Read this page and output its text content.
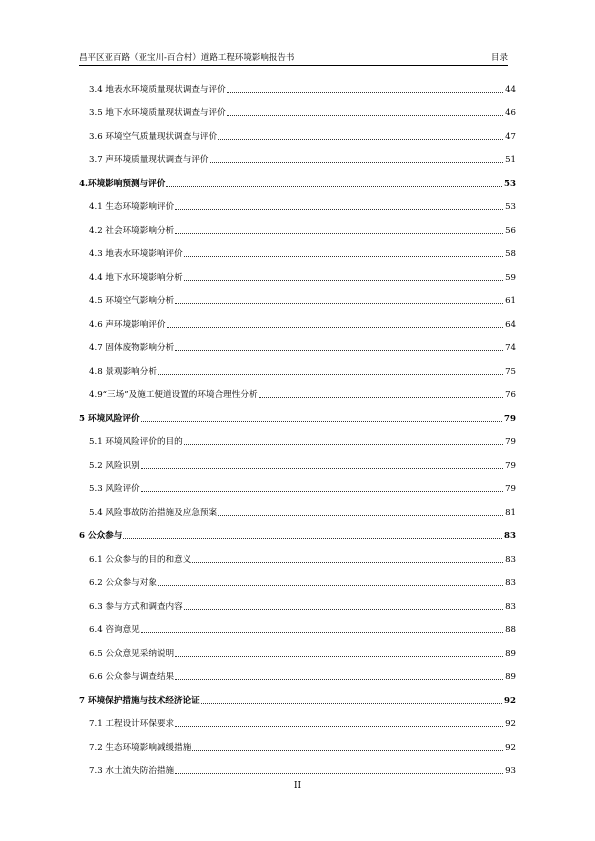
昌平区亚百路（亚宝川-百合村）道路工程环境影响报告书	目录
3.4 地表水环境质量现状调查与评价	44
3.5 地下水环境质量现状调查与评价	46
3.6 环境空气质量现状调查与评价	47
3.7 声环境质量现状调查与评价	51
4.环境影响预测与评价	53
4.1 生态环境影响评价	53
4.2 社会环境影响分析	56
4.3 地表水环境影响评价	58
4.4 地下水环境影响分析	59
4.5 环境空气影响分析	61
4.6 声环境影响评价	64
4.7 固体废物影响分析	74
4.8 景观影响分析	75
4.9“三场”及施工便道设置的环境合理性分析	76
5 环境风险评价	79
5.1 环境风险评价的目的	79
5.2 风险识别	79
5.3 风险评价	79
5.4 风险事故防治措施及应急预案	81
6 公众参与	83
6.1 公众参与的目的和意义	83
6.2 公众参与对象	83
6.3 参与方式和调查内容	83
6.4 咨询意见	88
6.5 公众意见采纳说明	89
6.6 公众参与调查结果	89
7 环境保护措施与技术经济论证	92
7.1 工程设计环保要求	92
7.2 生态环境影响减缓措施	92
7.3 水土流失防治措施	93
II
